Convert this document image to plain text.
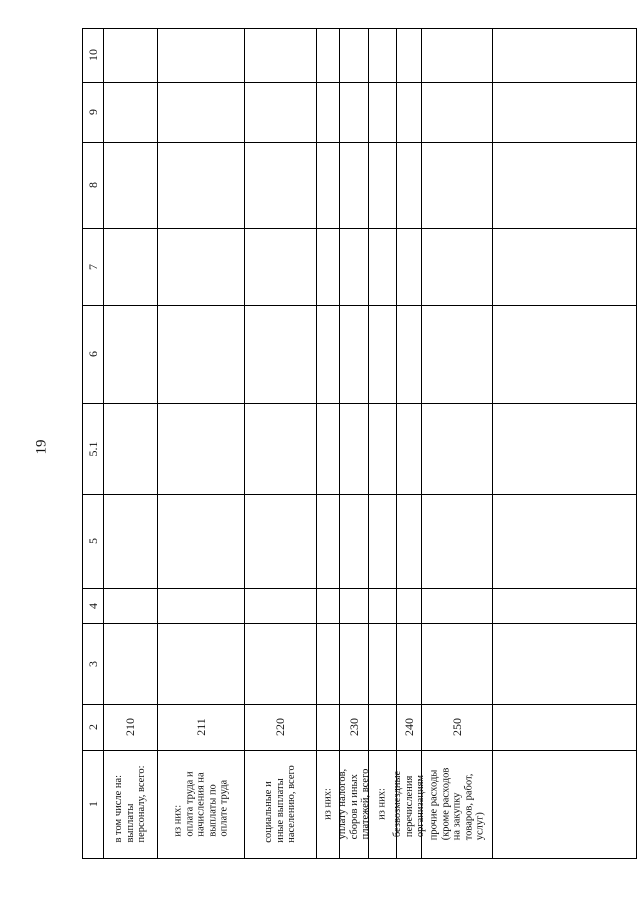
19
10
9
8
7
6
5.1
5
4
3
2
1
в том числе на:
выплаты
персоналу, всего:
210
из них:
оплата труда и
начисления на
выплаты по
оплате труда
211
социальные и
иные выплаты
населению, всего
220
из них:
уплату налогов,
сборов и иных
платежей, всего
230
из них: безвозмездные
перечисления
организациям
240
прочие расходы
(кроме расходов
на закупку
товаров, работ,
услуг)
250
